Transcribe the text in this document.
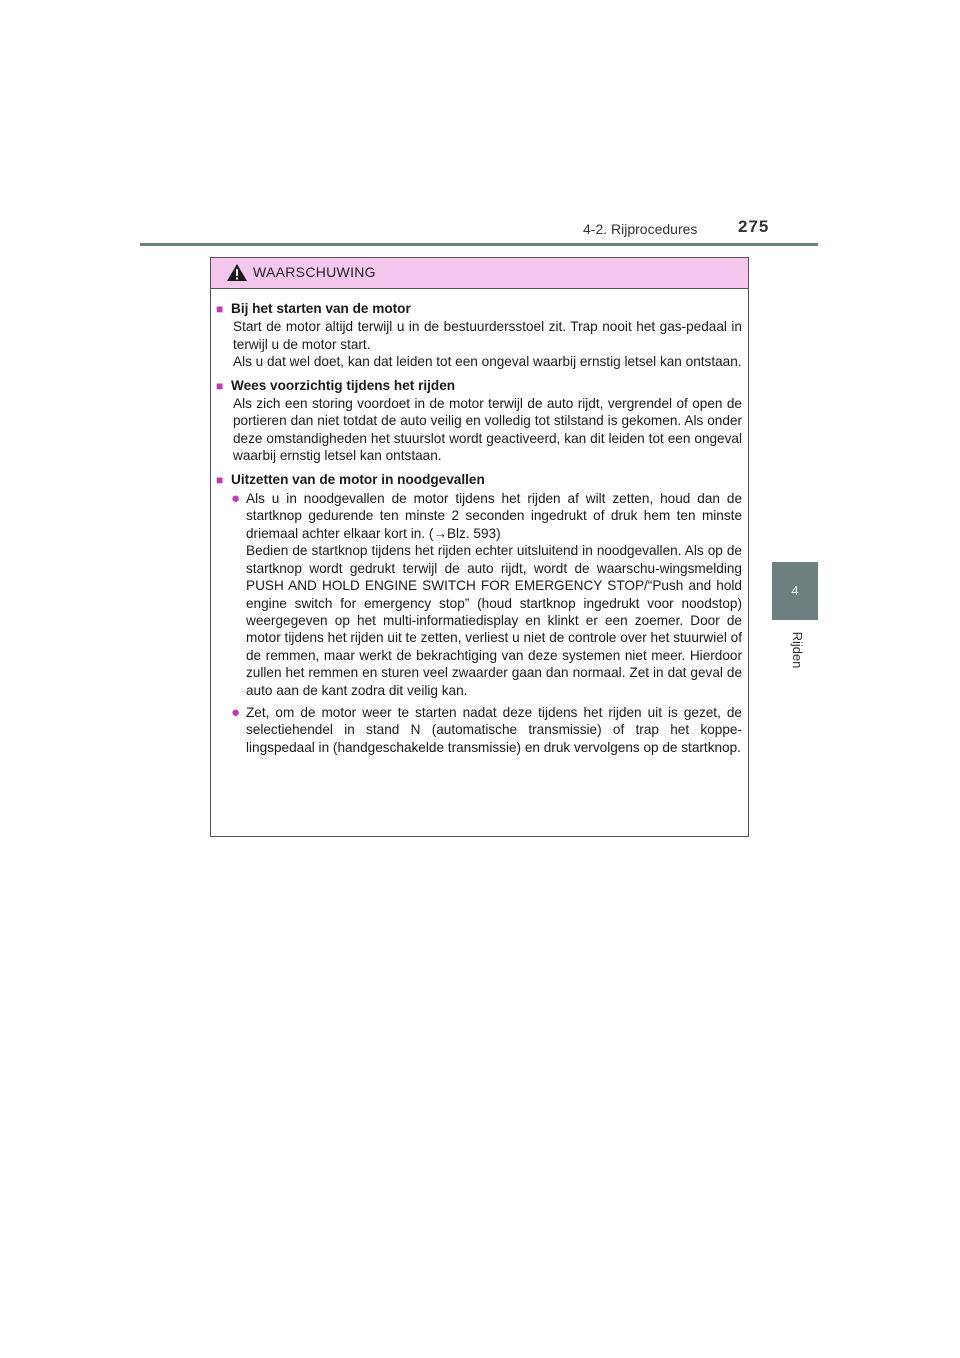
4-2. Rijprocedures 275
4
Rijden
WAARSCHUWING
■ Bij het starten van de motor

Start de motor altijd terwijl u in de bestuurdersstoel zit. Trap nooit het gas-pedaal in terwijl u de motor start.

Als u dat wel doet, kan dat leiden tot een ongeval waarbij ernstig letsel kan ontstaan.

■ Wees voorzichtig tijdens het rijden

Als zich een storing voordoet in de motor terwijl de auto rijdt, vergrendel of open de portieren dan niet totdat de auto veilig en volledig tot stilstand is gekomen. Als onder deze omstandigheden het stuurslot wordt geactiveerd, kan dit leiden tot een ongeval waarbij ernstig letsel kan ontstaan.

■ Uitzetten van de motor in noodgevallen
● Als u in noodgevallen de motor tijdens het rijden af wilt zetten, houd dan de startknop gedurende ten minste 2 seconden ingedrukt of druk hem ten minste driemaal achter elkaar kort in. (→Blz. 593)

Bedien de startknop tijdens het rijden echter uitsluitend in noodgevallen. Als op de startknop wordt gedrukt terwijl de auto rijdt, wordt de waarschu-wingsmelding PUSH AND HOLD ENGINE SWITCH FOR EMERGENCY STOP/“Push and hold engine switch for emergency stop” (houd startknop ingedrukt voor noodstop) weergegeven op het multi-informatiedisplay en klinkt er een zoemer. Door de motor tijdens het rijden uit te zetten, verliest u niet de controle over het stuurwiel of de remmen, maar werkt de bekrachtiging van deze systemen niet meer. Hierdoor zullen het remmen en sturen veel zwaarder gaan dan normaal. Zet in dat geval de auto aan de kant zodra dit veilig kan.

● Zet, om de motor weer te starten nadat deze tijdens het rijden uit is gezet, de selectiehendel in stand N (automatische transmissie) of trap het koppe-lingspedaal in (handgeschakelde transmissie) en druk vervolgens op de startknop.
